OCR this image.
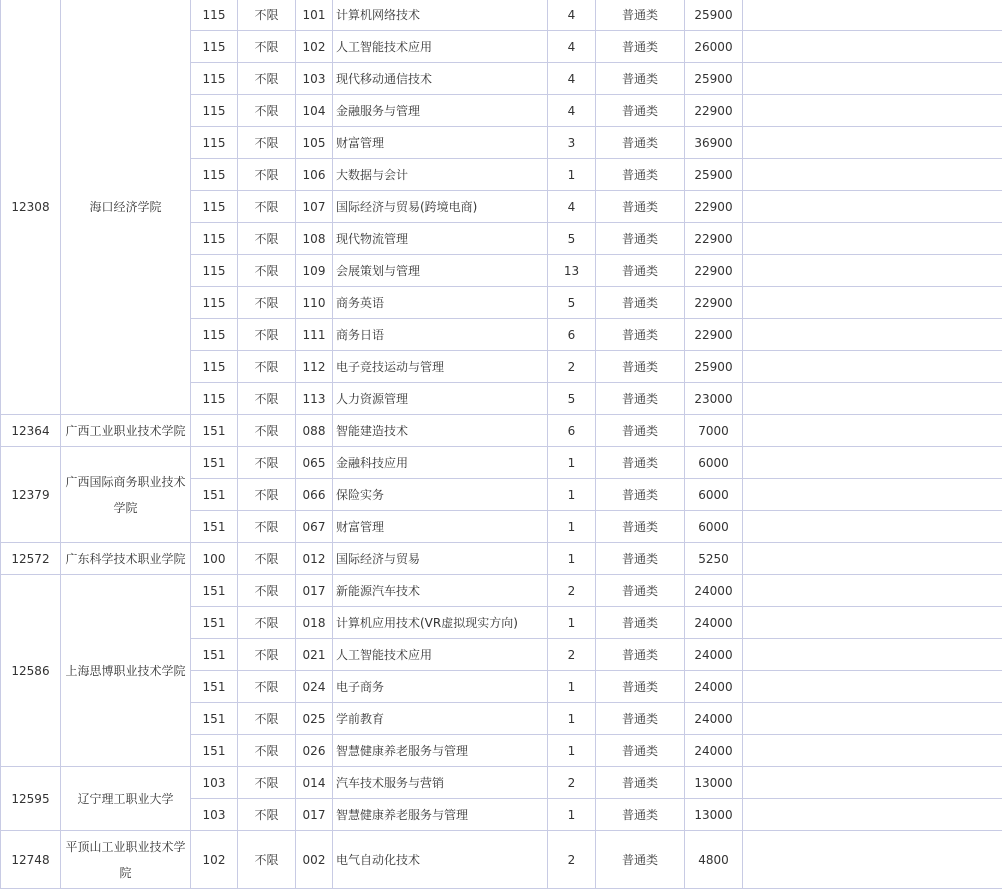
12308	海口经济学院	115	不限	101	计算机网络技术	4	普通类	25900	
		115	不限	102	人工智能技术应用	4	普通类	26000	
		115	不限	103	现代移动通信技术	4	普通类	25900	
		115	不限	104	金融服务与管理	4	普通类	22900	
		115	不限	105	财富管理	3	普通类	36900	
		115	不限	106	大数据与会计	1	普通类	25900	
		115	不限	107	国际经济与贸易(跨境电商)	4	普通类	22900	
		115	不限	108	现代物流管理	5	普通类	22900	
		115	不限	109	会展策划与管理	13	普通类	22900	
		115	不限	110	商务英语	5	普通类	22900	
		115	不限	111	商务日语	6	普通类	22900	
		115	不限	112	电子竞技运动与管理	2	普通类	25900	
		115	不限	113	人力资源管理	5	普通类	23000	
12364	广西工业职业技术学院	151	不限	088	智能建造技术	6	普通类	7000	
12379	广西国际商务职业技术学院	151	不限	065	金融科技应用	1	普通类	6000	
		151	不限	066	保险实务	1	普通类	6000	
		151	不限	067	财富管理	1	普通类	6000	
12572	广东科学技术职业学院	100	不限	012	国际经济与贸易	1	普通类	5250	
12586	上海思博职业技术学院	151	不限	017	新能源汽车技术	2	普通类	24000	
		151	不限	018	计算机应用技术(VR虚拟现实方向)	1	普通类	24000	
		151	不限	021	人工智能技术应用	2	普通类	24000	
		151	不限	024	电子商务	1	普通类	24000	
		151	不限	025	学前教育	1	普通类	24000	
		151	不限	026	智慧健康养老服务与管理	1	普通类	24000	
12595	辽宁理工职业大学	103	不限	014	汽车技术服务与营销	2	普通类	13000	
		103	不限	017	智慧健康养老服务与管理	1	普通类	13000	
12748	平顶山工业职业技术学院	102	不限	002	电气自动化技术	2	普通类	4800	
